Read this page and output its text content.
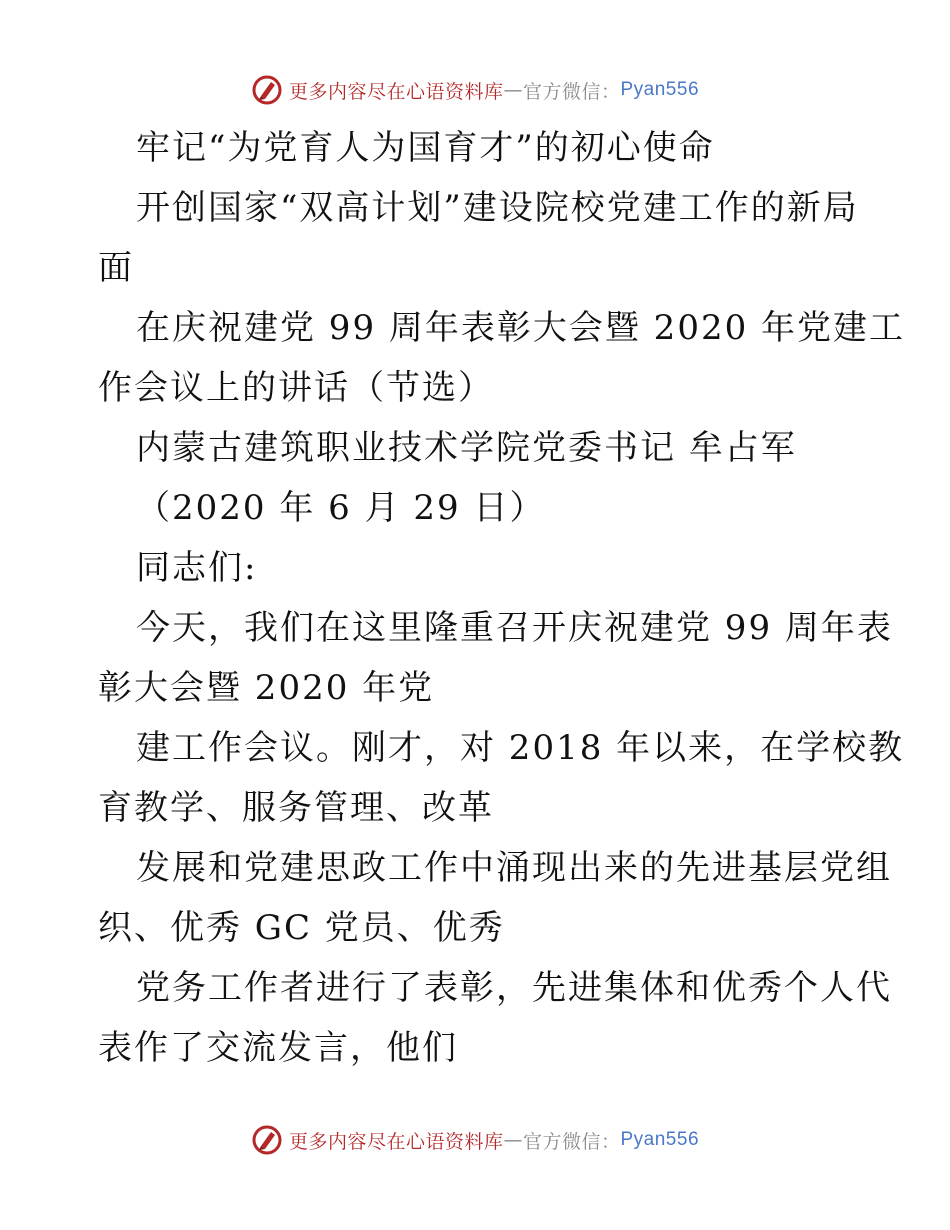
更多内容尽在心语资料库 — 官方微信： Pyan556
牢记“为党育人为国育才”的初心使命
开创国家“双高计划”建设院校党建工作的新局
面
在庆祝建党 99 周年表彰大会暨 2020 年党建工
作会议上的讲话（节选）
内蒙古建筑职业技术学院党委书记 牟占军
（2020 年 6 月 29 日）
同志们:
今天，我们在这里隆重召开庆祝建党 99 周年表
彰大会暨 2020 年党
建工作会议。刚才，对 2018 年以来，在学校教
育教学、服务管理、改革
发展和党建思政工作中涌现出来的先进基层党组
织、优秀 GC 党员、优秀
党务工作者进行了表彰，先进集体和优秀个人代
表作了交流发言，他们
更多内容尽在心语资料库 — 官方微信： Pyan556
